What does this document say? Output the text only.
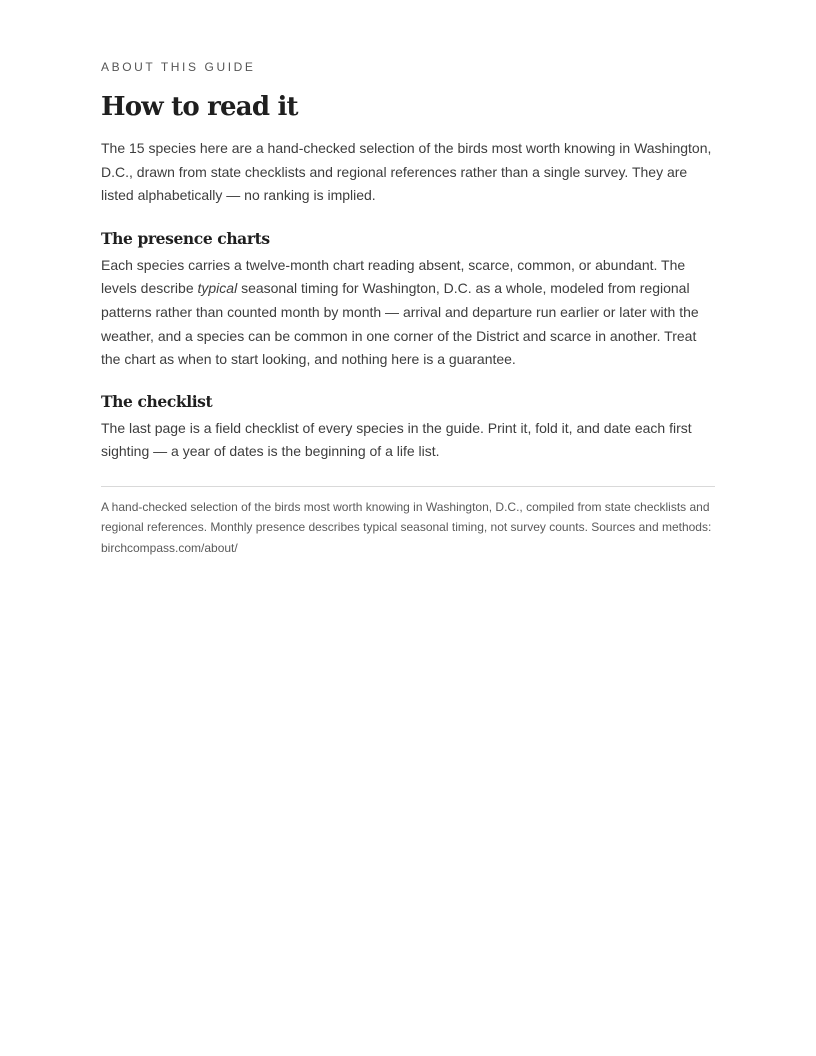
ABOUT THIS GUIDE

How to read it

The 15 species here are a hand-checked selection of the birds most worth knowing in Washington, D.C., drawn from state checklists and regional references rather than a single survey. They are listed alphabetically — no ranking is implied.

The presence charts

Each species carries a twelve-month chart reading absent, scarce, common, or abundant. The levels describe typical seasonal timing for Washington, D.C. as a whole, modeled from regional patterns rather than counted month by month — arrival and departure run earlier or later with the weather, and a species can be common in one corner of the District and scarce in another. Treat the chart as when to start looking, and nothing here is a guarantee.

The checklist

The last page is a field checklist of every species in the guide. Print it, fold it, and date each first sighting — a year of dates is the beginning of a life list.

A hand-checked selection of the birds most worth knowing in Washington, D.C., compiled from state checklists and regional references. Monthly presence describes typical seasonal timing, not survey counts. Sources and methods: birchcompass.com/about/
